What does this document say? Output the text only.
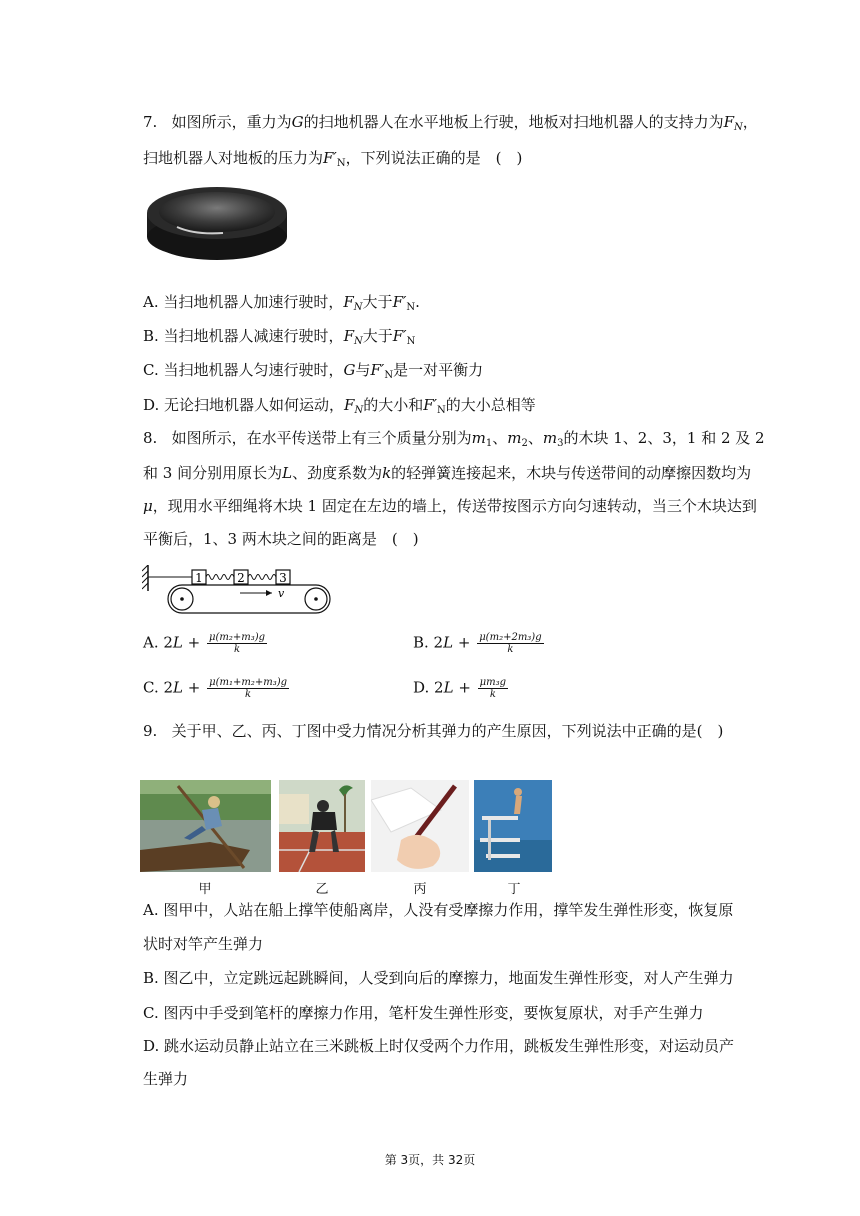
7.   如图所示，重力为G的扫地机器人在水平地板上行驶，地板对扫地机器人的支持力为$F_N$，
扫地机器人对地板的压力为$F'_N$，下列说法正确的是　(　)
A. 当扫地机器人加速行驶时，$F_N$大于$F'_N$.
B. 当扫地机器人减速行驶时，$F_N$大于$F'_N$
C. 当扫地机器人匀速行驶时，G与$F'_N$是一对平衡力
D. 无论扫地机器人如何运动，$F_N$的大小和$F'_N$的大小总相等
8.   如图所示，在水平传送带上有三个质量分别为$m_1$、$m_2$、$m_3$的木块 1、2、3，1 和 2 及 2
和 3 间分别用原长为L、劲度系数为k的轻弹簧连接起来，木块与传送带间的动摩擦因数均为
μ，现用水平细绳将木块 1 固定在左边的墙上，传送带按图示方向匀速转动，当三个木块达到
平衡后，1、3 两木块之间的距离是　(　)
1	2	3
v
A. $2L + \frac{\text{μ(m₂+m₃)g}}{k}$	B. $2L + \frac{\text{μ(m₂+2m₃)g}}{k}$
C. $2L + \frac{\text{μ(m₁+m₂+m₃)g}}{k}$	D. $2L + \frac{\text{μm₃g}}{k}$
9.   关于甲、乙、丙、丁图中受力情况分析其弹力的产生原因，下列说法中正确的是(　)
甲	乙	丙	丁
A. 图甲中，人站在船上撑竿使船离岸，人没有受摩擦力作用，撑竿发生弹性形变，恢复原
状时对竿产生弹力
B. 图乙中，立定跳远起跳瞬间，人受到向后的摩擦力，地面发生弹性形变，对人产生弹力
C. 图丙中手受到笔杆的摩擦力作用，笔杆发生弹性形变，要恢复原状，对手产生弹力
D. 跳水运动员静止站立在三米跳板上时仅受两个力作用，跳板发生弹性形变，对运动员产
生弹力
第 3页，共 32页
